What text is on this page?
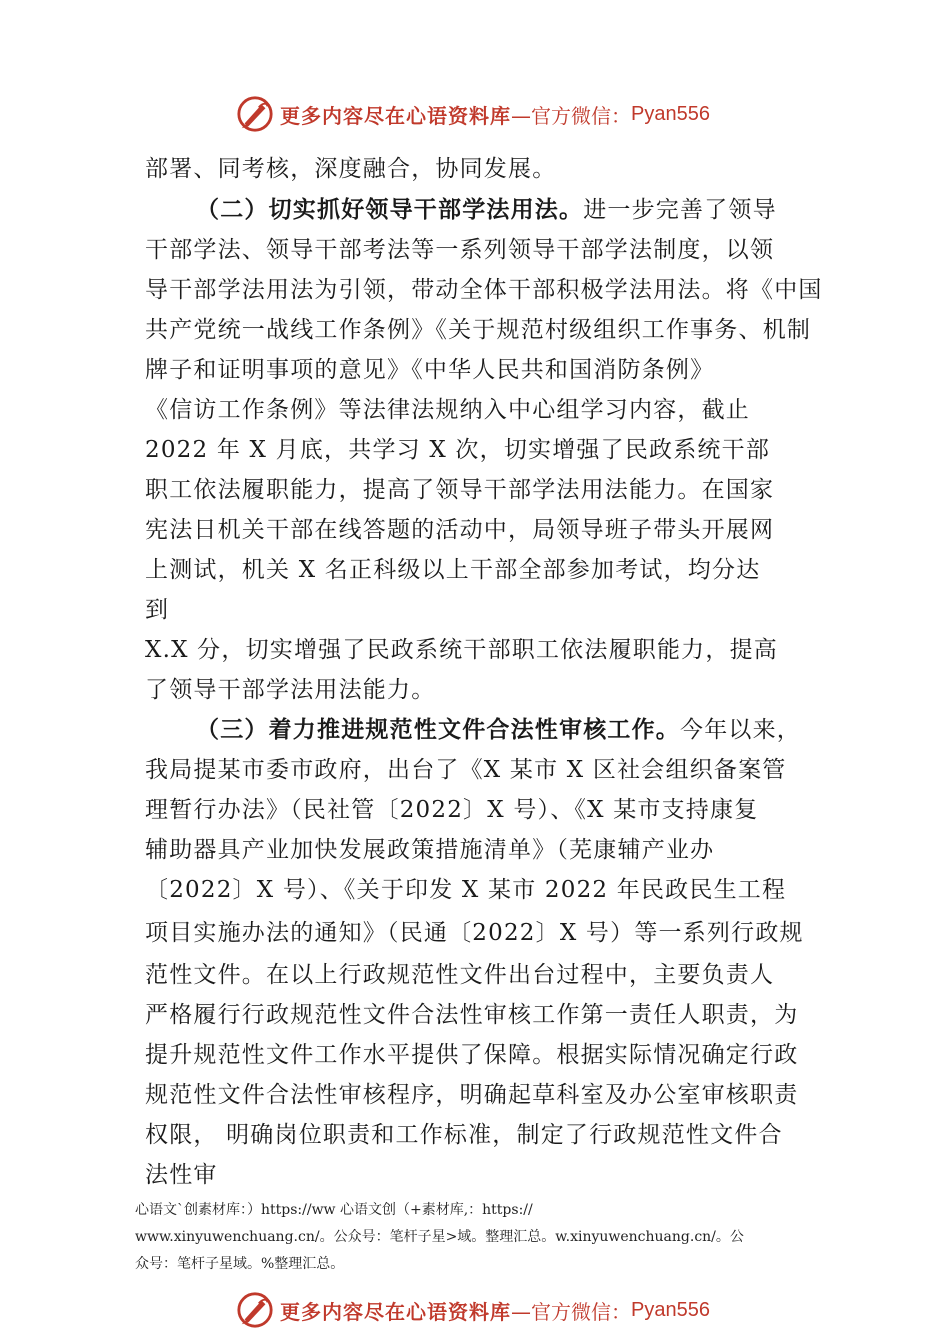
更多内容尽在心语资料库 —官方微信： Pyan556
部署、同考核，深度融合，协同发展。
（二）切实抓好领导干部学法用法。进一步完善了领导
干部学法、领导干部考法等一系列领导干部学法制度，以领
导干部学法用法为引领，带动全体干部积极学法用法。将《中国
共产党统一战线工作条例》《关于规范村级组织工作事务、机制
牌子和证明事项的意见》《中华人民共和国消防条例》
《信访工作条例》等法律法规纳入中心组学习内容，截止
2022 年 X 月底，共学习 X 次，切实增强了民政系统干部
职工依法履职能力，提高了领导干部学法用法能力。在国家
宪法日机关干部在线答题的活动中，局领导班子带头开展网
上测试，机关 X 名正科级以上干部全部参加考试，均分达
到
X.X 分，切实增强了民政系统干部职工依法履职能力，提高
了领导干部学法用法能力。
（三）着力推进规范性文件合法性审核工作。今年以来，
我局提某市委市政府，出台了《X 某市 X 区社会组织备案管
理暂行办法》（民社管〔2022〕X 号）、《X 某市支持康复
辅助器具产业加快发展政策措施清单》（芜康辅产业办
〔2022〕X 号）、《关于印发 X 某市 2022 年民政民生工程
项目实施办法的通知》（民通〔2022〕X 号）等一系列行政规
范性文件。在以上行政规范性文件出台过程中，主要负责人
严格履行行政规范性文件合法性审核工作第一责任人职责，为
提升规范性文件工作水平提供了保障。根据实际情况确定行政
规范性文件合法性审核程序，明确起草科室及办公室审核职责
权限， 明确岗位职责和工作标准，制定了行政规范性文件合
法性审
心语文`创素材库：）https://ww 心语文创（+素材库,：https://
www.xinyuwenchuang.cn/。公众号：笔杆子星>域。整理汇总。w.xinyuwenchuang.cn/。公
众号：笔杆子星域。%整理汇总。
更多内容尽在心语资料库 —官方微信： Pyan556
